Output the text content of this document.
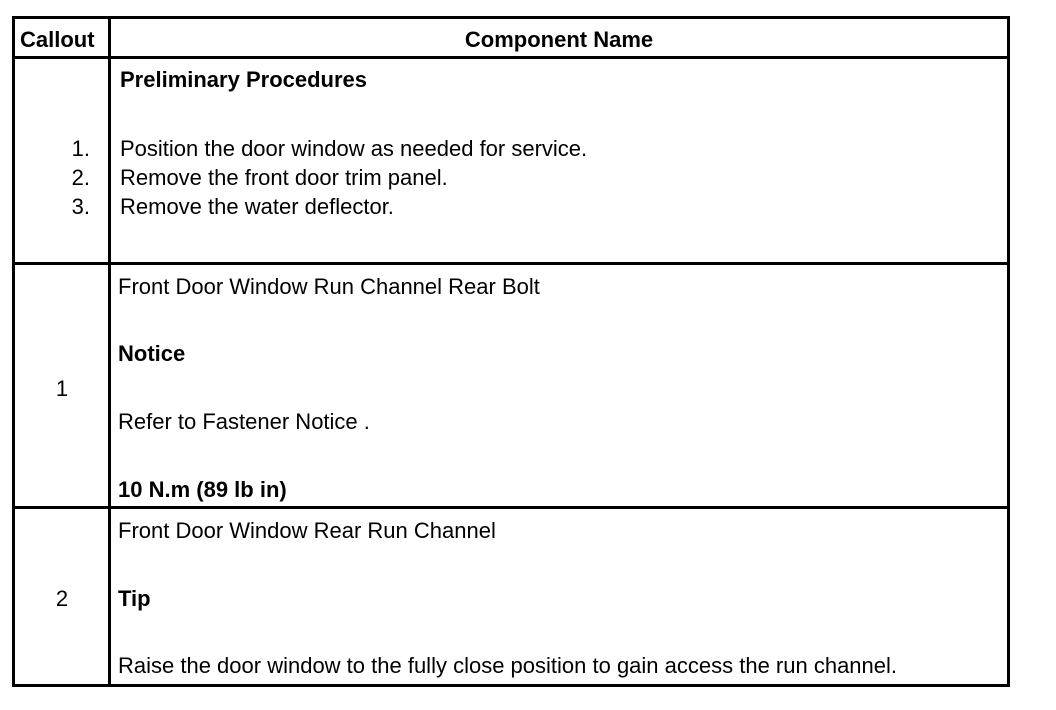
Callout	Component Name
Preliminary Procedures
1. Position the door window as needed for service.
2. Remove the front door trim panel.
3. Remove the water deflector.
1
Front Door Window Run Channel Rear Bolt
Notice
Refer to Fastener Notice .
10 N.m (89 lb in)
2
Front Door Window Rear Run Channel
Tip
Raise the door window to the fully close position to gain access the run channel.
